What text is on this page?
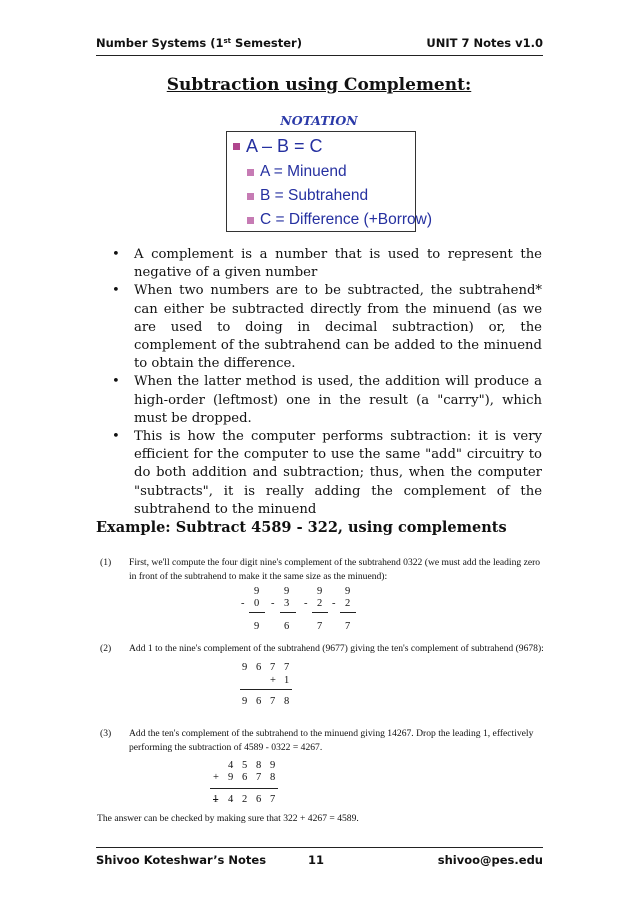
Number Systems (1st Semester)	UNIT 7 Notes v1.0
Subtraction using Complement:
NOTATION
A – B = C
A = Minuend
B = Subtrahend
C = Difference (+Borrow)
• A complement is a number that is used to represent the negative of a given number
• When two numbers are to be subtracted, the subtrahend* can either be subtracted directly from the minuend (as we are used to doing in decimal subtraction) or, the complement of the subtrahend can be added to the minuend to obtain the difference.
• When the latter method is used, the addition will produce a high-order (leftmost) one in the result (a "carry"), which must be dropped.
• This is how the computer performs subtraction: it is very efficient for the computer to use the same "add" circuitry to do both addition and subtraction; thus, when the computer "subtracts", it is really adding the complement of the subtrahend to the minuend
Example: Subtract 4589 - 322, using complements
(1) First, we'll compute the four digit nine's complement of the subtrahend 0322 (we must add the leading zero in front of the subtrahend to make it the same size as the minuend):
9 9	9 9
- 0 - 3 - 2 - 2
9 6	7 7
(2) Add 1 to the nine's complement of the subtrahend (9677) giving the ten's complement of subtrahend (9678):
9 6 7 7
+ 1
9 6 7 8
(3) Add the ten's complement of the subtrahend to the minuend giving 14267. Drop the leading 1, effectively performing the subtraction of 4589 - 0322 = 4267.
4 5 8 9
+ 9 6 7 8
1 4 2 6 7
The answer can be checked by making sure that 322 + 4267 = 4589.
Shivoo Koteshwar’s Notes	11	shivoo@pes.edu
